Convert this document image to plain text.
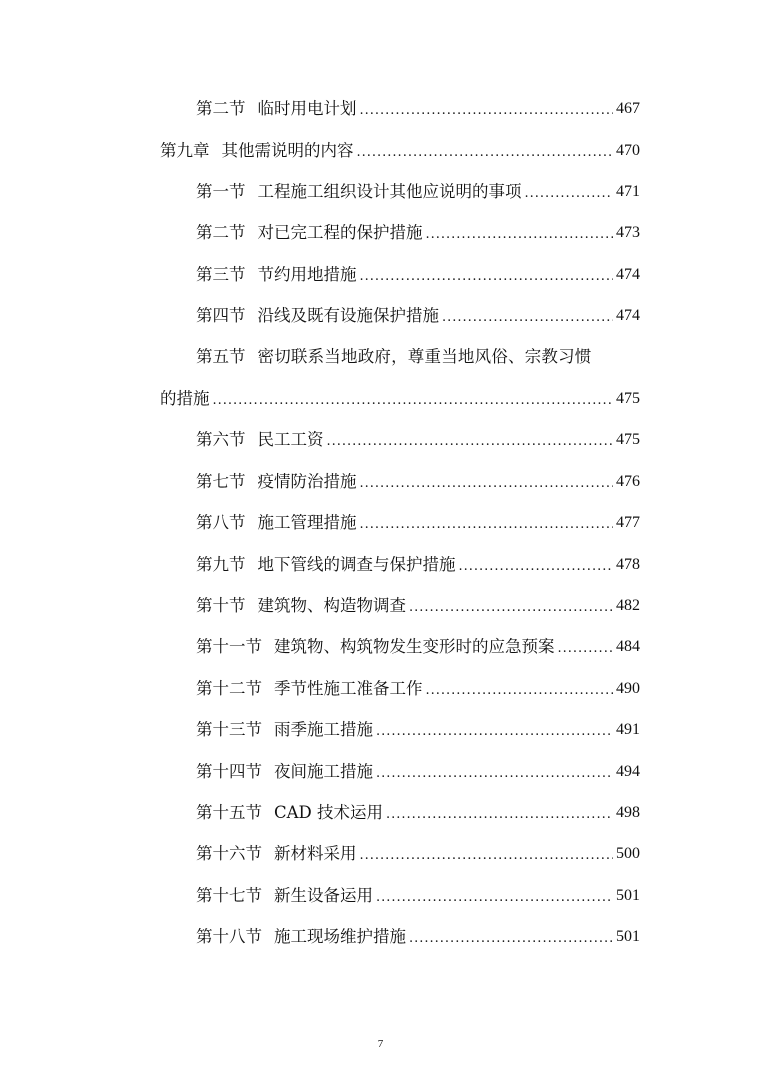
第二节 临时用电计划 .....	467
第九章 其他需说明的内容 .....	470
第一节 工程施工组织设计其他应说明的事项 .....	471
第二节 对已完工程的保护措施 .....	473
第三节 节约用地措施 .....	474
第四节 沿线及既有设施保护措施 .....	474
第五节 密切联系当地政府，尊重当地风俗、宗教习惯
的措施 .....	475
第六节 民工工资 .....	475
第七节 疫情防治措施 .....	476
第八节 施工管理措施 .....	477
第九节 地下管线的调查与保护措施 .....	478
第十节 建筑物、构造物调查 .....	482
第十一节 建筑物、构筑物发生变形时的应急预案 .....	484
第十二节 季节性施工准备工作 .....	490
第十三节 雨季施工措施 .....	491
第十四节 夜间施工措施 .....	494
第十五节 CAD 技术运用 .....	498
第十六节 新材料采用 .....	500
第十七节 新生设备运用 .....	501
第十八节 施工现场维护措施 .....	501
7
